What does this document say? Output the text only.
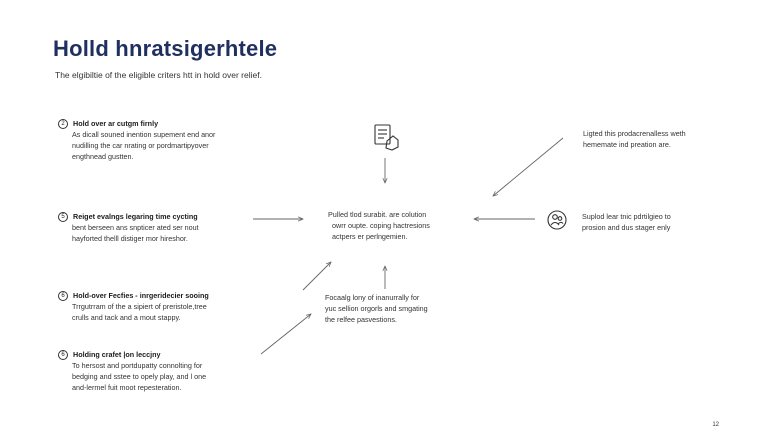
Holld hnratsigerhtele
The elgibiltie of the eligible criters htt in hold over relief.
2	Hold over ar cutgm firnly
As dicall souned inention supement end anor
nudilling the car nrating or pordmartipyover
engthnead gustten.
5	Reiget evalngs legaring time cycting
bent berseen ans snpticer ated ser nout
hayforted thelll distiger mor hireshor.
6	Hold-over Fecfies - inrgeridecier sooing
Trrgutrram of the a sipiert of preristole,tree
crulls and tack and a mout stappy.
6	Holding crafet |on leccjny
To hersost and portdupatty connolting for
bedging and sstee to opely play, and l one
and-lermel fuit moot repesteration.
Pulled tlod surabit. are colution
owrr oupte. coping hactresions
actpers er perlngemien.
Focaalg lony of inanurrally for
yuc sellion orgorls and smgating
the relfee pasvestions.
Ligted this prodacrenalless weth
hememate ind preation are.
Suplod lear tnic pdrtilgieo to
prosion and dus stager enly
12
